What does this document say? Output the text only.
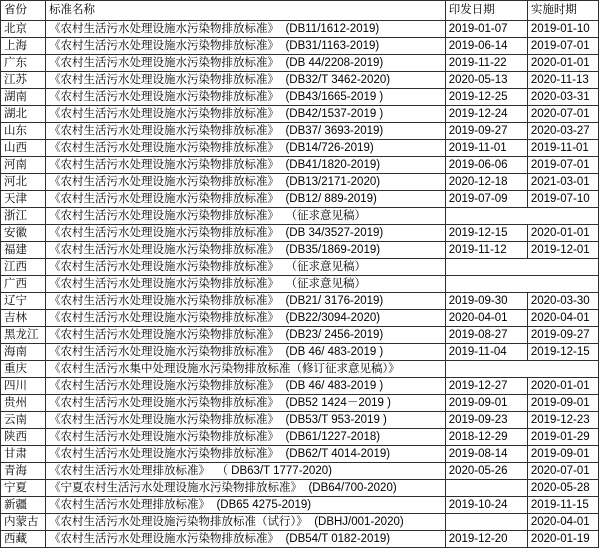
省份	标准名称	印发日期	实施时期
北京	《农村生活污水处理设施水污染物排放标准》  (DB11/1612-2019)	2019-01-07	2019-01-10
上海	《农村生活污水处理设施水污染物排放标准》  (DB31/1163-2019)	2019-06-14	2019-07-01
广东	《农村生活污水处理设施水污染物排放标准》  (DB 44/2208-2019)	2019-11-22	2020-01-01
江苏	《农村生活污水处理设施水污染物排放标准》  (DB32/T 3462-2020)	2020-05-13	2020-11-13
湖南	《农村生活污水处理设施水污染物排放标准》  (DB43/1665-2019 )	2019-12-25	2020-03-31
湖北	《农村生活污水处理设施水污染物排放标准》  (DB42/1537-2019 )	2019-12-24	2020-07-01
山东	《农村生活污水处理设施水污染物排放标准》  (DB37/ 3693-2019)	2019-09-27	2020-03-27
山西	《农村生活污水处理设施水污染物排放标准》  (DB14/726-2019)	2019-11-01	2019-11-01
河南	《农村生活污水处理设施水污染物排放标准》  (DB41/1820-2019)	2019-06-06	2019-07-01
河北	《农村生活污水处理设施水污染物排放标准》  (DB13/2171-2020)	2020-12-18	2021-03-01
天津	《农村生活污水处理设施水污染物排放标准》  (DB12/ 889-2019)	2019-07-09	2019-07-10
浙江	《农村生活污水处理设施水污染物排放标准》  （征求意见稿）		
安徽	《农村生活污水处理设施水污染物排放标准》  (DB 34/3527-2019)	2019-12-15	2020-01-01
福建	《农村生活污水处理设施水污染物排放标准》  (DB35/1869-2019)	2019-11-12	2019-12-01
江西	《农村生活污水处理设施水污染物排放标准》  （征求意见稿）		
广西	《农村生活污水处理设施水污染物排放标准》  （征求意见稿）		
辽宁	《农村生活污水处理设施水污染物排放标准》  (DB21/ 3176-2019)	2019-09-30	2020-03-30
吉林	《农村生活污水处理设施水污染物排放标准》  (DB22/3094-2020)	2020-04-01	2020-04-01
黑龙江	《农村生活污水处理设施水污染物排放标准》  (DB23/ 2456-2019)	2019-08-27	2019-09-27
海南	《农村生活污水处理设施水污染物排放标准》  (DB 46/ 483-2019 )	2019-11-04	2019-12-15
重庆	《农村生活污水集中处理设施水污染物排放标准（修订征求意见稿）》		
四川	《农村生活污水处理设施水污染物排放标准》  (DB 46/ 483-2019 )	2019-12-27	2020-01-01
贵州	《农村生活污水处理设施水污染物排放标准》  (DB52 1424－2019 )	2019-09-01	2019-09-01
云南	《农村生活污水处理设施水污染物排放标准》  (DB53/T 953-2019 )	2019-09-23	2019-12-23
陕西	《农村生活污水处理设施水污染物排放标准》  (DB61/1227-2018)	2018-12-29	2019-01-29
甘肃	《农村生活污水处理设施水污染物排放标准》  (DB62/T 4014-2019)	2019-08-14	2019-09-01
青海	《农村生活污水处理排放标准》  （ DB63/T 1777-2020)	2020-05-26	2020-07-01
宁夏	《宁夏农村生活污水处理设施水污染物排放标准》  (DB64/700-2020)		2020-05-28
新疆	《农村生活污水处理排放标准》  (DB65 4275-2019)	2019-10-24	2019-11-15
内蒙古	《农村生活污水处理设施污染物排放标准（试行）》  (DBHJ/001-2020)		2020-04-01
西藏	《农村生活污水处理设施水污染物排放标准》  (DB54/T 0182-2019)	2019-12-20	2020-01-19
